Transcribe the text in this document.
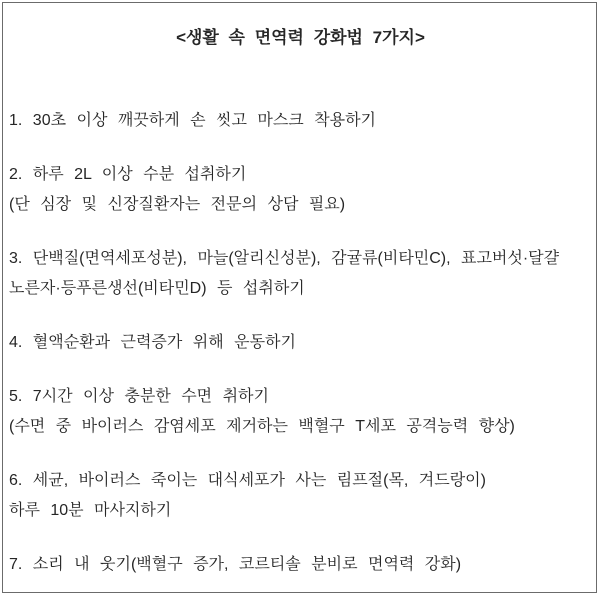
<생활 속 면역력 강화법 7가지>
1. 30초 이상 깨끗하게 손 씻고 마스크 착용하기
2. 하루 2L 이상 수분 섭취하기
(단 심장 및 신장질환자는 전문의 상담 필요)
3. 단백질(면역세포성분), 마늘(알리신성분), 감귤류(비타민C), 표고버섯·달걀
노른자·등푸른생선(비타민D) 등 섭취하기
4. 혈액순환과 근력증가 위해 운동하기
5. 7시간 이상 충분한 수면 취하기
(수면 중 바이러스 감염세포 제거하는 백혈구 T세포 공격능력 향상)
6. 세균, 바이러스 죽이는 대식세포가 사는 림프절(목, 겨드랑이)
하루 10분 마사지하기
7. 소리 내 웃기(백혈구 증가, 코르티솔 분비로 면역력 강화)
